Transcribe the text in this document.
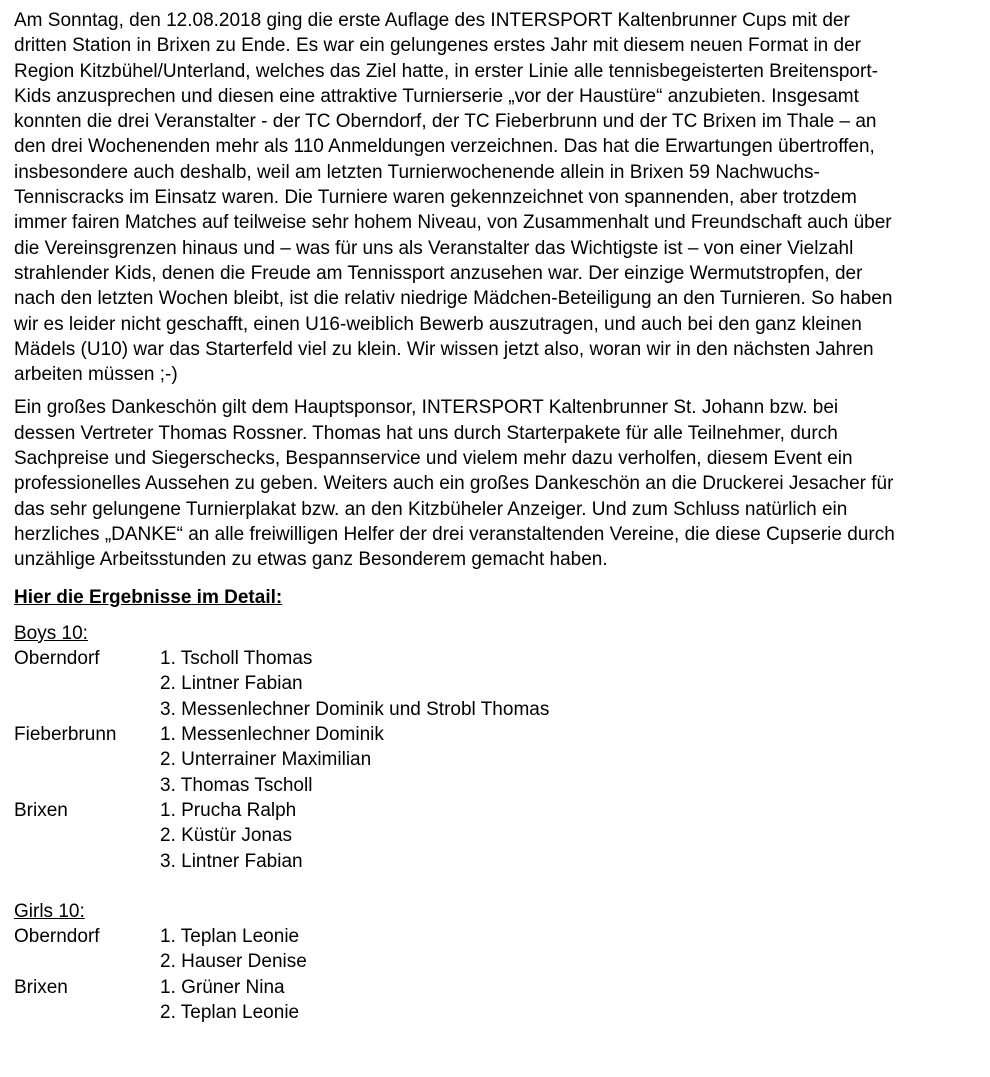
Am Sonntag, den 12.08.2018 ging die erste Auflage des INTERSPORT Kaltenbrunner Cups mit der
dritten Station in Brixen zu Ende. Es war ein gelungenes erstes Jahr mit diesem neuen Format in der
Region Kitzbühel/Unterland, welches das Ziel hatte, in erster Linie alle tennisbegeisterten Breitensport-
Kids anzusprechen und diesen eine attraktive Turnierserie „vor der Haustüre“ anzubieten. Insgesamt
konnten die drei Veranstalter - der TC Oberndorf, der TC Fieberbrunn und der TC Brixen im Thale – an
den drei Wochenenden mehr als 110 Anmeldungen verzeichnen. Das hat die Erwartungen übertroffen,
insbesondere auch deshalb, weil am letzten Turnierwochenende allein in Brixen 59 Nachwuchs-
Tenniscracks im Einsatz waren. Die Turniere waren gekennzeichnet von spannenden, aber trotzdem
immer fairen Matches auf teilweise sehr hohem Niveau, von Zusammenhalt und Freundschaft auch über
die Vereinsgrenzen hinaus und – was für uns als Veranstalter das Wichtigste ist – von einer Vielzahl
strahlender Kids, denen die Freude am Tennissport anzusehen war. Der einzige Wermutstropfen, der
nach den letzten Wochen bleibt, ist die relativ niedrige Mädchen-Beteiligung an den Turnieren. So haben
wir es leider nicht geschafft, einen U16-weiblich Bewerb auszutragen, und auch bei den ganz kleinen
Mädels (U10) war das Starterfeld viel zu klein. Wir wissen jetzt also, woran wir in den nächsten Jahren
arbeiten müssen ;-)

Ein großes Dankeschön gilt dem Hauptsponsor, INTERSPORT Kaltenbrunner St. Johann bzw. bei
dessen Vertreter Thomas Rossner. Thomas hat uns durch Starterpakete für alle Teilnehmer, durch
Sachpreise und Siegerschecks, Bespannservice und vielem mehr dazu verholfen, diesem Event ein
professionelles Aussehen zu geben. Weiters auch ein großes Dankeschön an die Druckerei Jesacher für
das sehr gelungene Turnierplakat bzw. an den Kitzbüheler Anzeiger. Und zum Schluss natürlich ein
herzliches „DANKE“ an alle freiwilligen Helfer der drei veranstaltenden Vereine, die diese Cupserie durch
unzählige Arbeitsstunden zu etwas ganz Besonderem gemacht haben.

Hier die Ergebnisse im Detail:

Boys 10:
Oberndorf	1. Tscholl Thomas
2. Lintner Fabian
3. Messenlechner Dominik und Strobl Thomas
Fieberbrunn	1. Messenlechner Dominik
2. Unterrainer Maximilian
3. Thomas Tscholl
Brixen	1. Prucha Ralph
2. Küstür Jonas
3. Lintner Fabian
Girls 10:
Oberndorf	1. Teplan Leonie
2. Hauser Denise
Brixen	1. Grüner Nina
2. Teplan Leonie
